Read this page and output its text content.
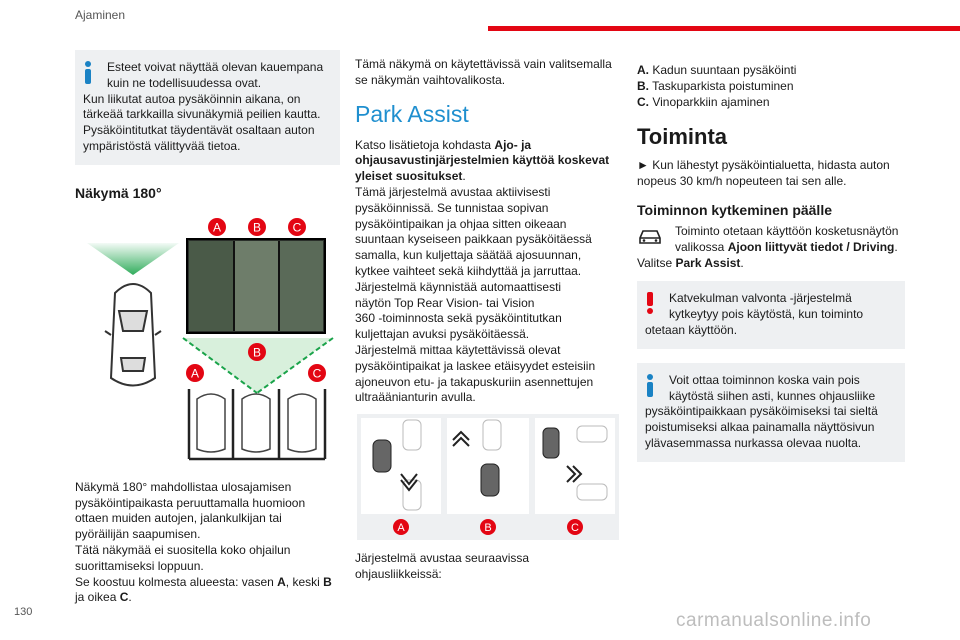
Ajaminen
Esteet voivat näyttää olevan kauempana
kuin ne todellisuudessa ovat.
Kun liikutat autoa pysäköinnin aikana, on
tärkeää tarkkailla sivunäkymiä peilien kautta.
Pysäköintitutkat täydentävät osaltaan auton
ympäristöstä välittyvää tietoa.
Näkymä 180°
A	B	C
B
A	C
Näkymä 180° mahdollistaa ulosajamisen
pysäköintipaikasta peruuttamalla huomioon
ottaen muiden autojen, jalankulkijan tai
pyöräilijän saapumisen.
Tätä näkymää ei suositella koko ohjailun
suorittamiseksi loppuun.
Se koostuu kolmesta alueesta: vasen A, keski B
ja oikea C.
Tämä näkymä on käytettävissä vain valitsemalla
se näkymän vaihtovalikosta.
Park Assist
Katso lisätietoja kohdasta Ajo- ja
ohjausavustinjärjestelmien käyttöä koskevat
yleiset suositukset.
Tämä järjestelmä avustaa aktiivisesti
pysäköinnissä. Se tunnistaa sopivan
pysäköintipaikan ja ohjaa sitten oikeaan
suuntaan kyseiseen paikkaan pysäköitäessä
samalla, kun kuljettaja säätää ajosuunnan,
kytkee vaihteet sekä kiihdyttää ja jarruttaa.
Järjestelmä käynnistää automaattisesti
näytön Top Rear Vision- tai Vision
360 -toiminnosta sekä pysäköintitutkan
kuljettajan avuksi pysäköitäessä.
Järjestelmä mittaa käytettävissä olevat
pysäköintipaikat ja laskee etäisyydet esteisiin
ajoneuvon etu- ja takapuskuriin asennettujen
ultraäänianturin avulla.
A	B	C
Järjestelmä avustaa seuraavissa
ohjausliikkeissä:
A. Kadun suuntaan pysäköinti
B. Taskuparkista poistuminen
C. Vinoparkkiin ajaminen
Toiminta
► Kun lähestyt pysäköintialuetta, hidasta auton
nopeus 30 km/h nopeuteen tai sen alle.
Toiminnon kytkeminen päälle
Toiminto otetaan käyttöön kosketusnäytön
valikossa Ajoon liittyvät tiedot / Driving.
Valitse Park Assist.
Katvekulman valvonta -järjestelmä
kytkeytyy pois käytöstä, kun toiminto
otetaan käyttöön.
Voit ottaa toiminnon koska vain pois
käytöstä siihen asti, kunnes ohjausliike
pysäköintipaikkaan pysäköimiseksi tai sieltä
poistumiseksi alkaa painamalla näyttösivun
ylävasemmassa nurkassa olevaa nuolta.
130	carmanualsonline.info
